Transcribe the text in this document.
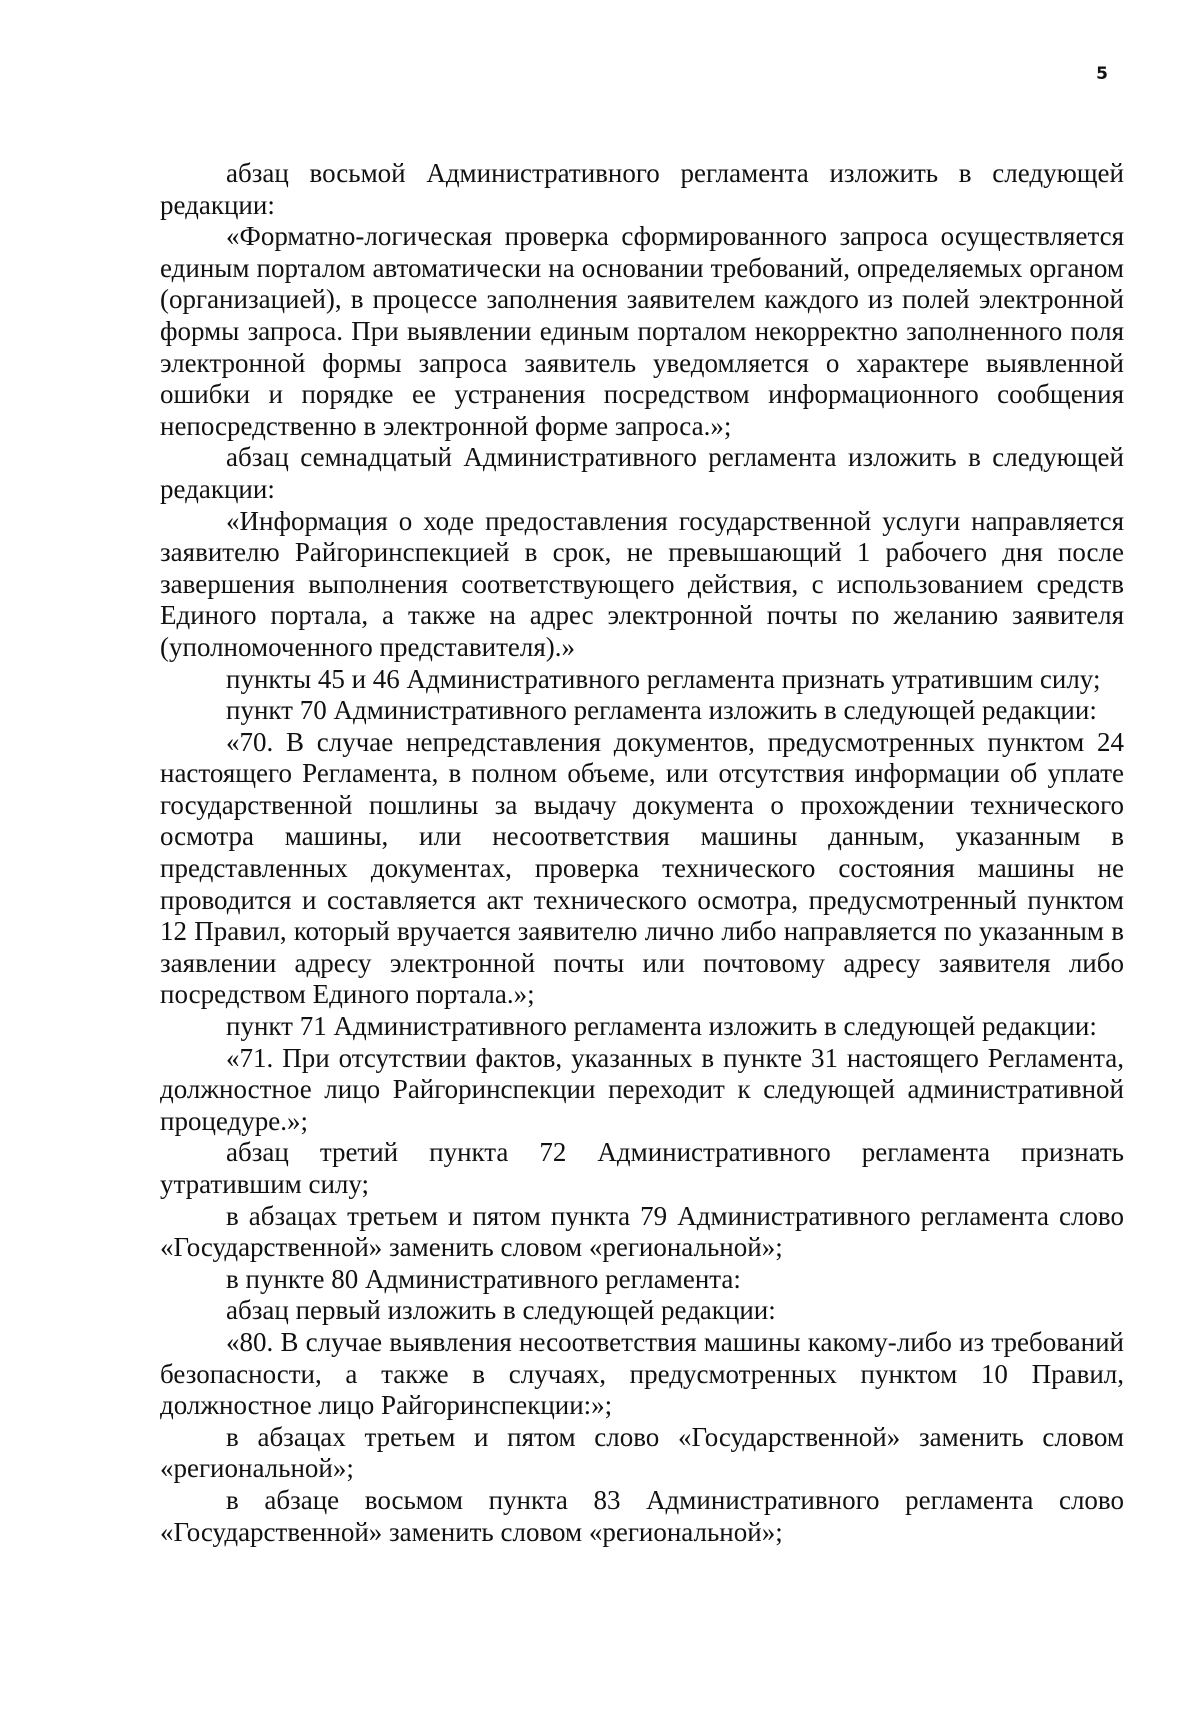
5

абзац восьмой Административного регламента изложить в следующей редакции:

«Форматно-логическая проверка сформированного запроса осуществляется единым порталом автоматически на основании требований, определяемых органом (организацией), в процессе заполнения заявителем каждого из полей электронной формы запроса. При выявлении единым порталом некорректно заполненного поля электронной формы запроса заявитель уведомляется о характере выявленной ошибки и порядке ее устранения посредством информационного сообщения непосредственно в электронной форме запроса.»;

абзац семнадцатый Административного регламента изложить в следующей редакции:

«Информация о ходе предоставления государственной услуги направляется заявителю Райгоринспекцией в срок, не превышающий 1 рабочего дня после завершения выполнения соответствующего действия, с использованием средств Единого портала, а также на адрес электронной почты по желанию заявителя (уполномоченного представителя).»

пункты 45 и 46 Административного регламента признать утратившим силу;

пункт 70 Административного регламента изложить в следующей редакции:

«70. В случае непредставления документов, предусмотренных пунктом 24 настоящего Регламента, в полном объеме, или отсутствия информации об уплате государственной пошлины за выдачу документа о прохождении технического осмотра машины, или несоответствия машины данным, указанным в представленных документах, проверка технического состояния машины не проводится и составляется акт технического осмотра, предусмотренный пунктом 12 Правил, который вручается заявителю лично либо направляется по указанным в заявлении адресу электронной почты или почтовому адресу заявителя либо посредством Единого портала.»;

пункт 71 Административного регламента изложить в следующей редакции:

«71. При отсутствии фактов, указанных в пункте 31 настоящего Регламента, должностное лицо Райгоринспекции переходит к следующей административной процедуре.»;

абзац третий пункта 72 Административного регламента признать утратившим силу;

в абзацах третьем и пятом пункта 79 Административного регламента слово «Государственной» заменить словом «региональной»;

в пункте 80 Административного регламента:

абзац первый изложить в следующей редакции:

«80. В случае выявления несоответствия машины какому-либо из требований безопасности, а также в случаях, предусмотренных пунктом 10 Правил, должностное лицо Райгоринспекции:»;

в абзацах третьем и пятом слово «Государственной» заменить словом «региональной»;

в абзаце восьмом пункта 83 Административного регламента слово «Государственной» заменить словом «региональной»;
